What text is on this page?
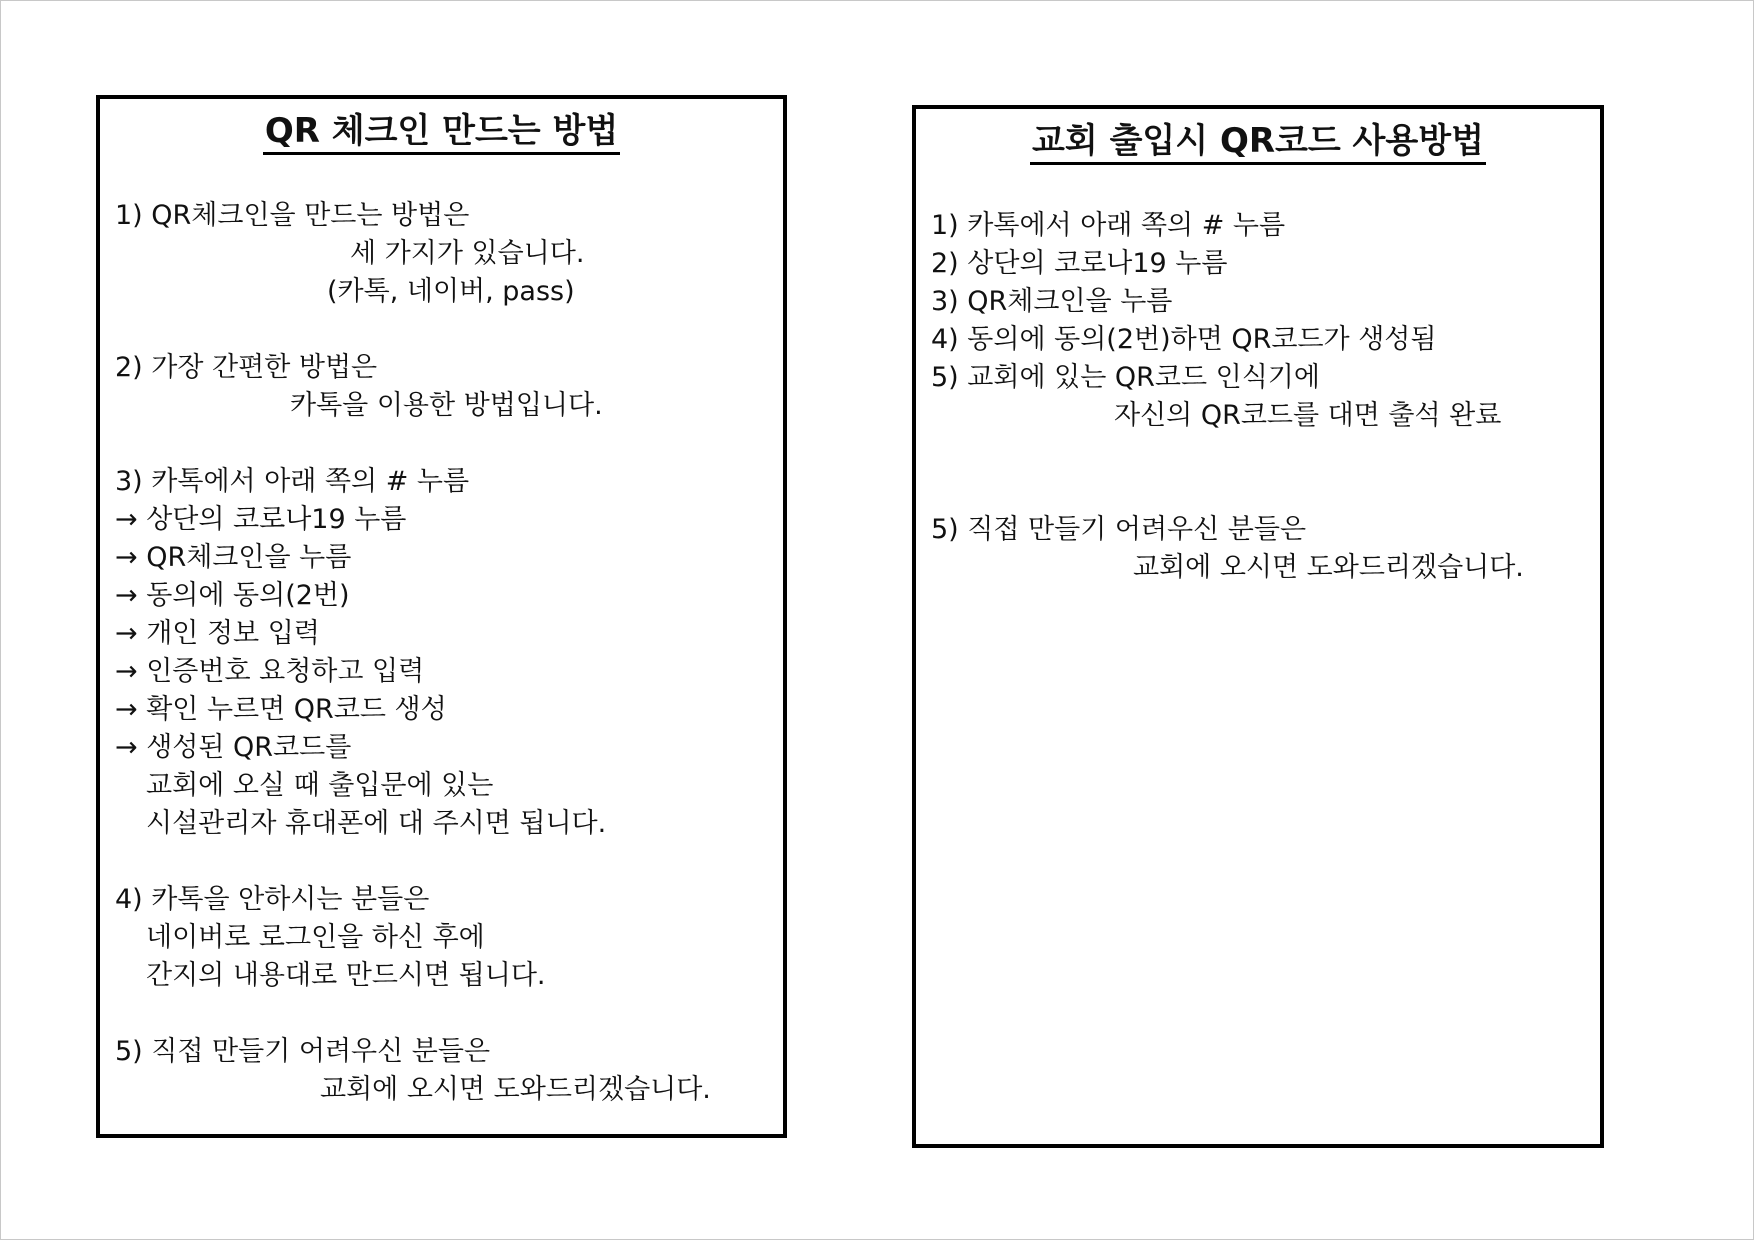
QR 체크인 만드는 방법

1) QR체크인을 만드는 방법은

세 가지가 있습니다.

(카톡, 네이버, pass)

2) 가장 간편한 방법은

카톡을 이용한 방법입니다.

3) 카톡에서 아래 쪽의 # 누름

→ 상단의 코로나19 누름

→ QR체크인을 누름

→ 동의에 동의(2번)

→ 개인 정보 입력

→ 인증번호 요청하고 입력

→ 확인 누르면 QR코드 생성

→ 생성된 QR코드를

교회에 오실 때 출입문에 있는

시설관리자 휴대폰에 대 주시면 됩니다.

4) 카톡을 안하시는 분들은

네이버로 로그인을 하신 후에

간지의 내용대로 만드시면 됩니다.

5) 직접 만들기 어려우신 분들은

교회에 오시면 도와드리겠습니다.

교회 출입시 QR코드 사용방법

1) 카톡에서 아래 쪽의 # 누름

2) 상단의 코로나19 누름

3) QR체크인을 누름

4) 동의에 동의(2번)하면 QR코드가 생성됨

5) 교회에 있는 QR코드 인식기에

자신의 QR코드를 대면 출석 완료

5) 직접 만들기 어려우신 분들은

교회에 오시면 도와드리겠습니다.
